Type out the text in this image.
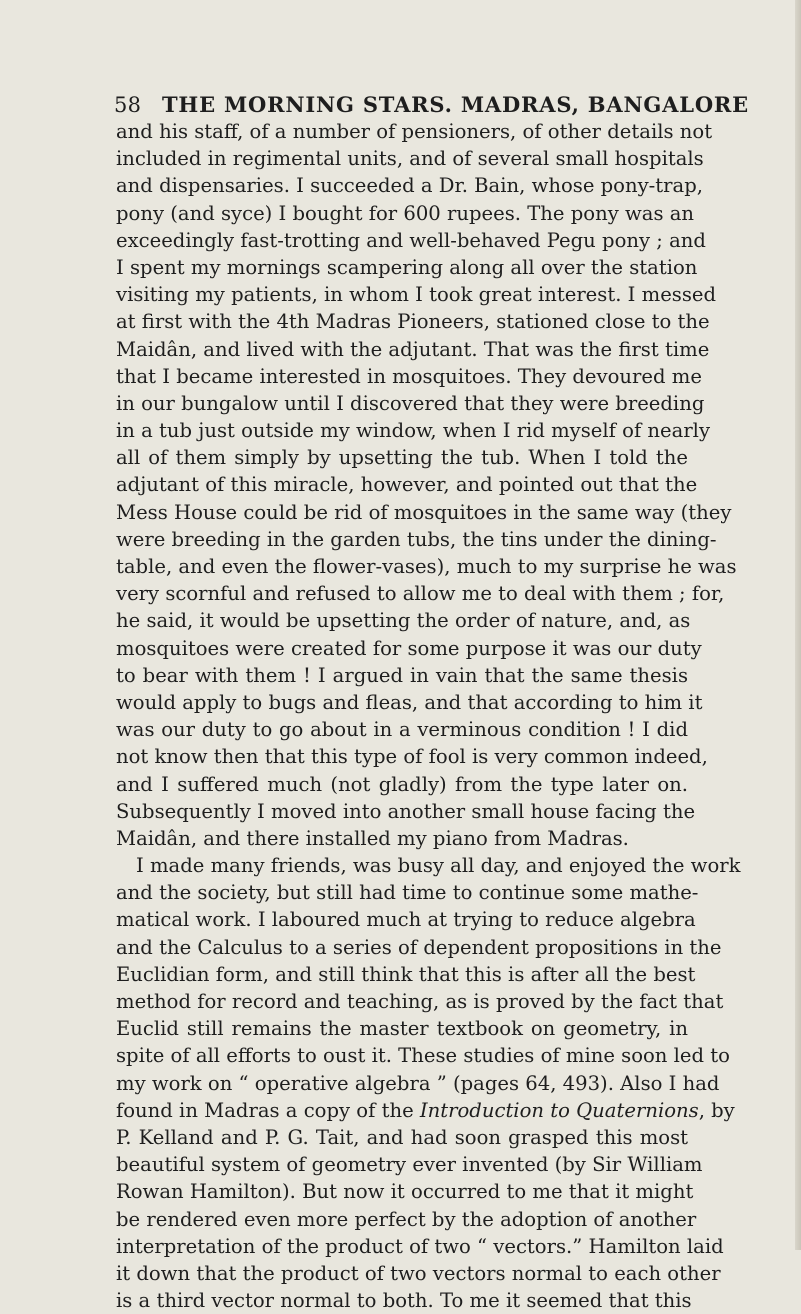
58 THE MORNING STARS. MADRAS, BANGALORE
and his staff, of a number of pensioners, of other details not
included in regimental units, and of several small hospitals
and dispensaries. I succeeded a Dr. Bain, whose pony-trap,
pony (and syce) I bought for 600 rupees. The pony was an
exceedingly fast-trotting and well-behaved Pegu pony ; and
I spent my mornings scampering along all over the station
visiting my patients, in whom I took great interest. I messed
at first with the 4th Madras Pioneers, stationed close to the
Maidân, and lived with the adjutant. That was the first time
that I became interested in mosquitoes. They devoured me
in our bungalow until I discovered that they were breeding
in a tub just outside my window, when I rid myself of nearly
all of them simply by upsetting the tub. When I told the
adjutant of this miracle, however, and pointed out that the
Mess House could be rid of mosquitoes in the same way (they
were breeding in the garden tubs, the tins under the dining-
table, and even the flower-vases), much to my surprise he was
very scornful and refused to allow me to deal with them ; for,
he said, it would be upsetting the order of nature, and, as
mosquitoes were created for some purpose it was our duty
to bear with them ! I argued in vain that the same thesis
would apply to bugs and fleas, and that according to him it
was our duty to go about in a verminous condition ! I did
not know then that this type of fool is very common indeed,
and I suffered much (not gladly) from the type later on.
Subsequently I moved into another small house facing the
Maidân, and there installed my piano from Madras.
I made many friends, was busy all day, and enjoyed the work
and the society, but still had time to continue some mathe-
matical work. I laboured much at trying to reduce algebra
and the Calculus to a series of dependent propositions in the
Euclidian form, and still think that this is after all the best
method for record and teaching, as is proved by the fact that
Euclid still remains the master textbook on geometry, in
spite of all efforts to oust it. These studies of mine soon led to
my work on “ operative algebra ” (pages 64, 493). Also I had
found in Madras a copy of the Introduction to Quaternions, by
P. Kelland and P. G. Tait, and had soon grasped this most
beautiful system of geometry ever invented (by Sir William
Rowan Hamilton). But now it occurred to me that it might
be rendered even more perfect by the adoption of another
interpretation of the product of two “ vectors.” Hamilton laid
it down that the product of two vectors normal to each other
is a third vector normal to both. To me it seemed that this
